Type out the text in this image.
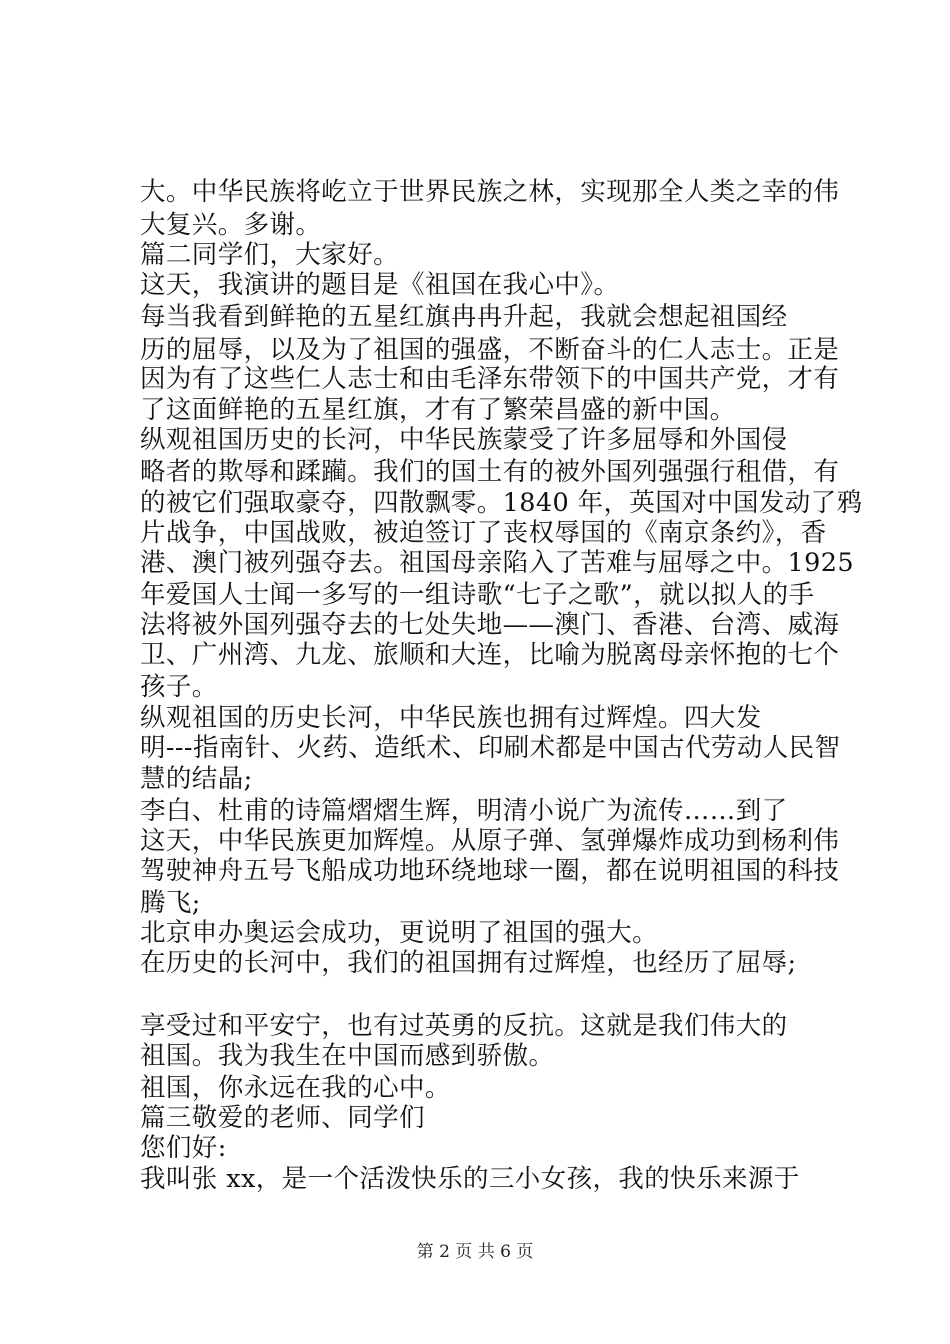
大。中华民族将屹立于世界民族之林，实现那全人类之幸的伟
大复兴。多谢。
篇二同学们，大家好。
这天，我演讲的题目是《祖国在我心中》。
每当我看到鲜艳的五星红旗冉冉升起，我就会想起祖国经
历的屈辱，以及为了祖国的强盛，不断奋斗的仁人志士。正是
因为有了这些仁人志士和由毛泽东带领下的中国共产党，才有
了这面鲜艳的五星红旗，才有了繁荣昌盛的新中国。
纵观祖国历史的长河，中华民族蒙受了许多屈辱和外国侵
略者的欺辱和蹂躏。我们的国土有的被外国列强强行租借，有
的被它们强取豪夺，四散飘零。1840 年，英国对中国发动了鸦
片战争，中国战败，被迫签订了丧权辱国的《南京条约》，香
港、澳门被列强夺去。祖国母亲陷入了苦难与屈辱之中。1925
年爱国人士闻一多写的一组诗歌“七子之歌”，就以拟人的手
法将被外国列强夺去的七处失地——澳门、香港、台湾、威海
卫、广州湾、九龙、旅顺和大连，比喻为脱离母亲怀抱的七个
孩子。
纵观祖国的历史长河，中华民族也拥有过辉煌。四大发
明---指南针、火药、造纸术、印刷术都是中国古代劳动人民智
慧的结晶;
李白、杜甫的诗篇熠熠生辉，明清小说广为流传……到了
这天，中华民族更加辉煌。从原子弹、氢弹爆炸成功到杨利伟
驾驶神舟五号飞船成功地环绕地球一圈，都在说明祖国的科技
腾飞;
北京申办奥运会成功，更说明了祖国的强大。
在历史的长河中，我们的祖国拥有过辉煌，也经历了屈辱;
享受过和平安宁，也有过英勇的反抗。这就是我们伟大的
祖国。我为我生在中国而感到骄傲。
祖国，你永远在我的心中。
篇三敬爱的老师、同学们
您们好:
我叫张 xx，是一个活泼快乐的三小女孩，我的快乐来源于
第 2 页 共 6 页
